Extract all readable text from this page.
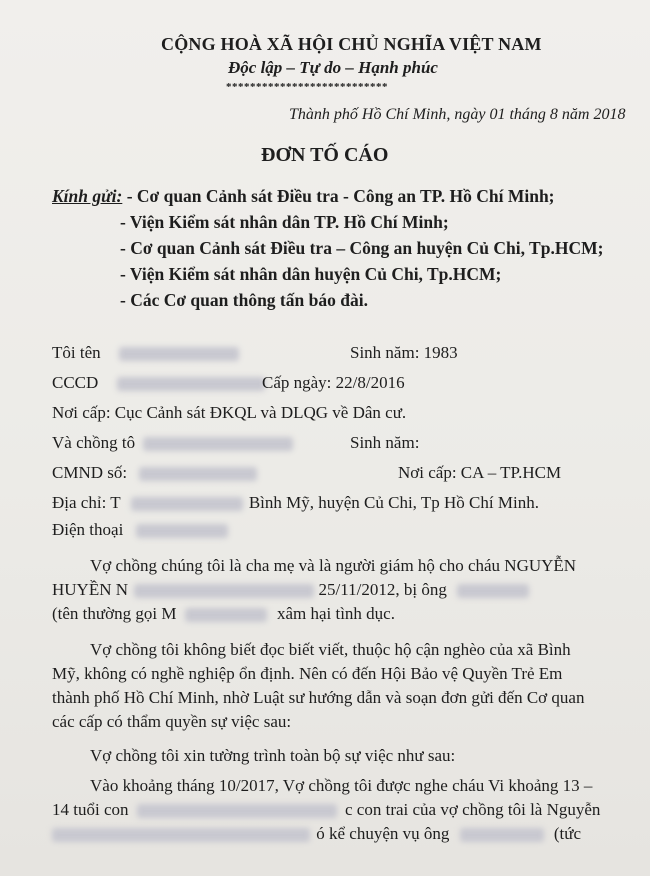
CỘNG HOÀ XÃ HỘI CHỦ NGHĨA VIỆT NAM
Độc lập – Tự do – Hạnh phúc
***************************
Thành phố Hồ Chí Minh, ngày 01 tháng 8 năm 2018
ĐƠN TỐ CÁO
Kính gửi: - Cơ quan Cảnh sát Điều tra - Công an TP. Hồ Chí Minh;
- Viện Kiểm sát nhân dân TP. Hồ Chí Minh;
- Cơ quan Cảnh sát Điều tra – Công an huyện Củ Chi, Tp.HCM;
- Viện Kiểm sát nhân dân huyện Củ Chi, Tp.HCM;
- Các Cơ quan thông tấn báo đài.
Tôi tên	Sinh năm: 1983
CCCD	Cấp ngày: 22/8/2016
Nơi cấp: Cục Cảnh sát ĐKQL và DLQG về Dân cư.
Và chồng tô	Sinh năm:
CMND số:	Nơi cấp: CA – TP.HCM
Địa chỉ: T	Bình Mỹ, huyện Củ Chi, Tp Hồ Chí Minh.
Điện thoại
Vợ chồng chúng tôi là cha mẹ và là người giám hộ cho cháu NGUYỄN
HUYỀN N	25/11/2012, bị ông
(tên thường gọi M	xâm hại tình dục.
Vợ chồng tôi không biết đọc biết viết, thuộc hộ cận nghèo của xã Bình
Mỹ, không có nghề nghiệp ổn định. Nên có đến Hội Bảo vệ Quyền Trẻ Em
thành phố Hồ Chí Minh, nhờ Luật sư hướng dẫn và soạn đơn gửi đến Cơ quan
các cấp có thẩm quyền sự việc sau:
Vợ chồng tôi xin tường trình toàn bộ sự việc như sau:
Vào khoảng tháng 10/2017, Vợ chồng tôi được nghe cháu Vi khoảng 13 –
14 tuổi con	c con trai của vợ chồng tôi là Nguyễn
ó kể chuyện vụ ông	(tức
